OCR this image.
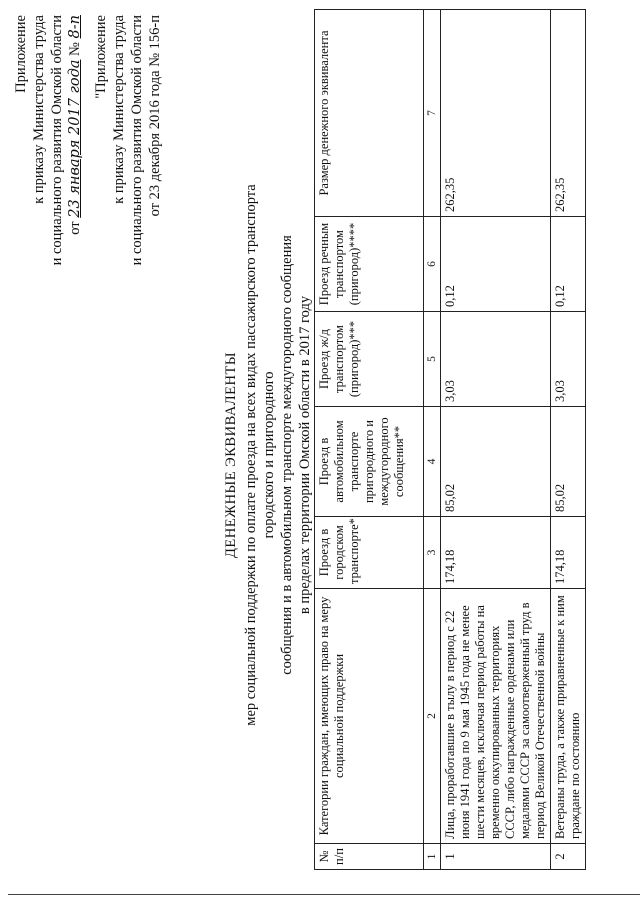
Приложение к приказу Министерства труда и социального развития Омской области от 23 января 2017 года № 8-п "Приложение к приказу Министерства труда и социального развития Омской области от 23 декабря 2016 года № 156-п
ДЕНЕЖНЫЕ ЭКВИВАЛЕНТЫ мер социальной поддержки по оплате проезда на всех видах пассажирского транспорта городского и пригородного сообщения и в автомобильном транспорте междугородного сообщения в пределах территории Омской области в 2017 году
№ п/п	Категории граждан, имеющих право на меру социальной поддержки	Проезд в городском транспорте*	Проезд в автомобильном транспорте пригородного и междугородного сообщения**	Проезд ж/д транспортом (пригород)***	Проезд речным транспортом (пригород)****	Размер денежного эквивалента
1	2	3	4	5	6	7
1	Лица, проработавшие в тылу в период с 22 июня 1941 года по 9 мая 1945 года не менее шести месяцев, исключая период работы на временно оккупированных территориях СССР, либо награжденные орденами или медалями СССР за самоотверженный труд в период Великой Отечественной войны	174,18	85,02	3,03	0,12	262,35
2	Ветераны труда, а также приравненные к ним граждане по состоянию	174,18	85,02	3,03	0,12	262,35
